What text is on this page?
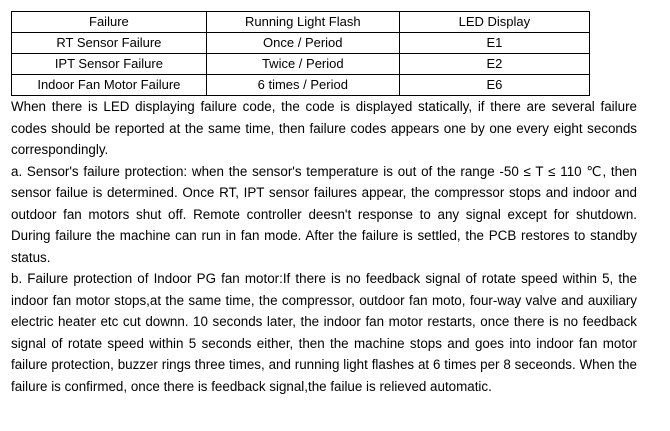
Failure	Running Light Flash	LED Display
RT Sensor Failure	Once / Period	E1
IPT Sensor Failure	Twice / Period	E2
Indoor Fan Motor Failure	6 times / Period	E6

When there is LED displaying failure code, the code is displayed statically, if there are several failure codes should be reported at the same time, then failure codes appears one by one every eight seconds correspondingly.

a. Sensor's failure protection: when the sensor's temperature is out of the range -50 ≤ T ≤ 110 ℃, then sensor failue is determined. Once RT, IPT sensor failures appear, the compressor stops and indoor and outdoor fan motors shut off. Remote controller deesn't response to any signal except for shutdown. During failure the machine can run in fan mode. After the failure is settled, the PCB restores to standby status.

b. Failure protection of Indoor PG fan motor:If there is no feedback signal of rotate speed within 5, the indoor fan motor stops,at the same time, the compressor, outdoor fan moto, four-way valve and auxiliary electric heater etc cut downn. 10 seconds later, the indoor fan motor restarts, once there is no feedback signal of rotate speed within 5 seconds either, then the machine stops and goes into indoor fan motor failure protection, buzzer rings three times, and running light flashes at 6 times per 8 seceonds. When the failure is confirmed, once there is feedback signal,the failue is relieved automatic.
